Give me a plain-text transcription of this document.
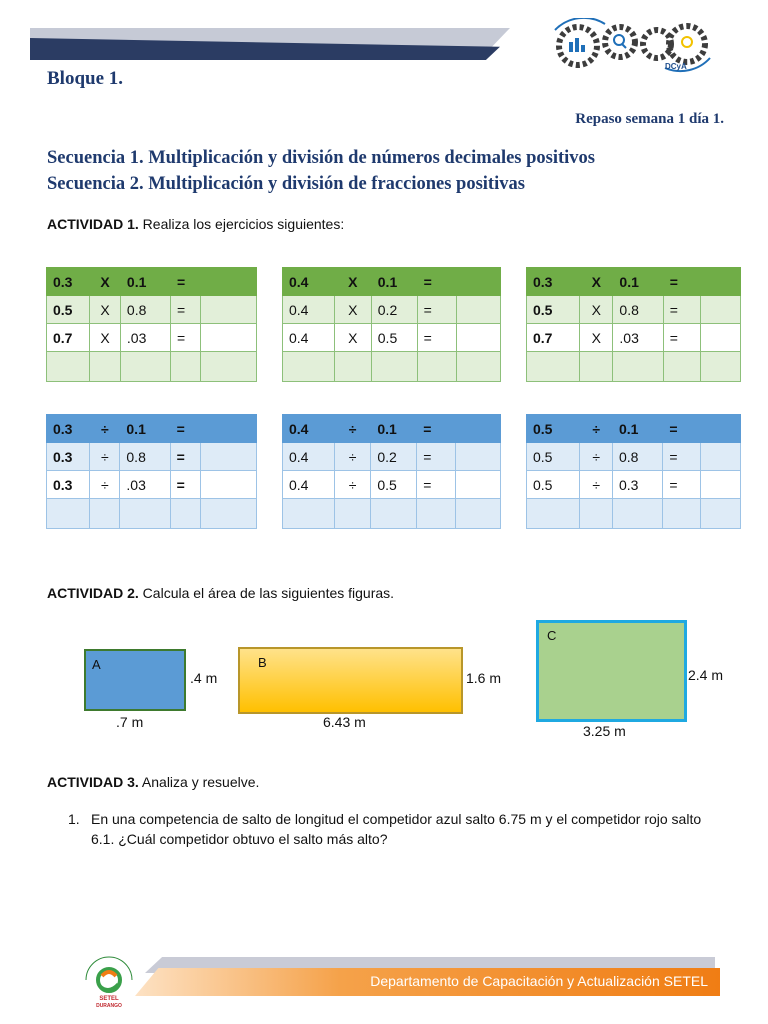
DCyA
Bloque 1.
Repaso semana 1 día 1.
Secuencia 1. Multiplicación y división de números decimales positivos
Secuencia 2. Multiplicación y división de fracciones positivas
ACTIVIDAD 1. Realiza los ejercicios siguientes:
0.3	X	0.1	=	
0.5	X	0.8	=	
0.7	X	.03	=	

0.4	X	0.1	=	
0.4	X	0.2	=	
0.4	X	0.5	=	

0.3	X	0.1	=	
0.5	X	0.8	=	
0.7	X	.03	=	

0.3	÷	0.1	=	
0.3	÷	0.8	=	
0.3	÷	.03	=	

0.4	÷	0.1	=	
0.4	÷	0.2	=	
0.4	÷	0.5	=	

0.5	÷	0.1	=	
0.5	÷	0.8	=	
0.5	÷	0.3	=	

ACTIVIDAD 2. Calcula el área de las siguientes figuras.
A
.4 m
.7 m
B
1.6 m
6.43 m
C
2.4 m
3.25 m
ACTIVIDAD 3. Analiza y resuelve.
1. En una competencia de salto de longitud el competidor azul salto 6.75 m y el competidor rojo salto 6.1. ¿Cuál competidor obtuvo el salto más alto?
SETEL
DURANGO
Departamento de Capacitación y Actualización SETEL
